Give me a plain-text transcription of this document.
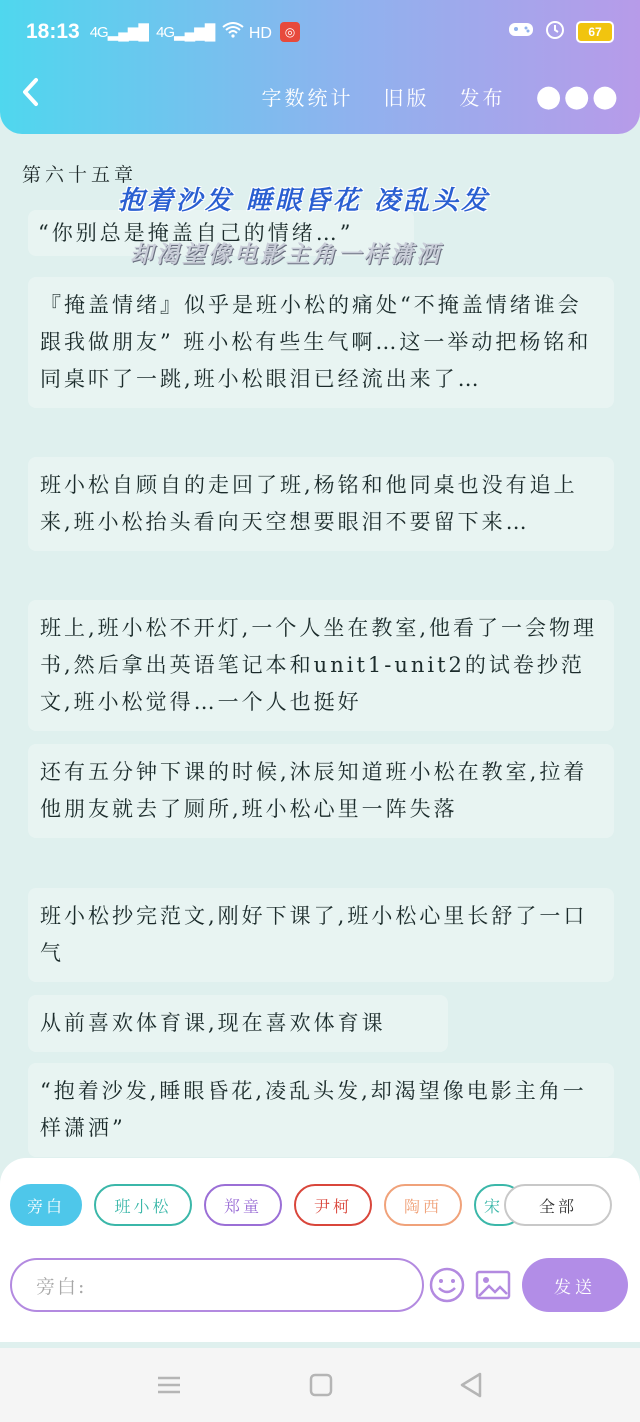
18:13 4G▂▄▆█ 4G▂▄▆█	HD	◎	67
字数统计 旧版 发布 ●●●
第六十五章
抱着沙发 睡眼昏花 凌乱头发
却渴望像电影主角一样潇洒
“你别总是掩盖自己的情绪…”
『掩盖情绪』似乎是班小松的痛处“不掩盖情绪谁会跟我做朋友” 班小松有些生气啊…这一举动把杨铭和同桌吓了一跳,班小松眼泪已经流出来了…
班小松自顾自的走回了班,杨铭和他同桌也没有追上来,班小松抬头看向天空想要眼泪不要留下来…
班上,班小松不开灯,一个人坐在教室,他看了一会物理书,然后拿出英语笔记本和unit1-unit2的试卷抄范文,班小松觉得…一个人也挺好
还有五分钟下课的时候,沐辰知道班小松在教室,拉着他朋友就去了厕所,班小松心里一阵失落
班小松抄完范文,刚好下课了,班小松心里长舒了一口气
从前喜欢体育课,现在喜欢体育课
“抱着沙发,睡眼昏花,凌乱头发,却渴望像电影主角一样潇洒”
旁白	班小松	郑童	尹柯	陶西	宋	全部
旁白:	发送
